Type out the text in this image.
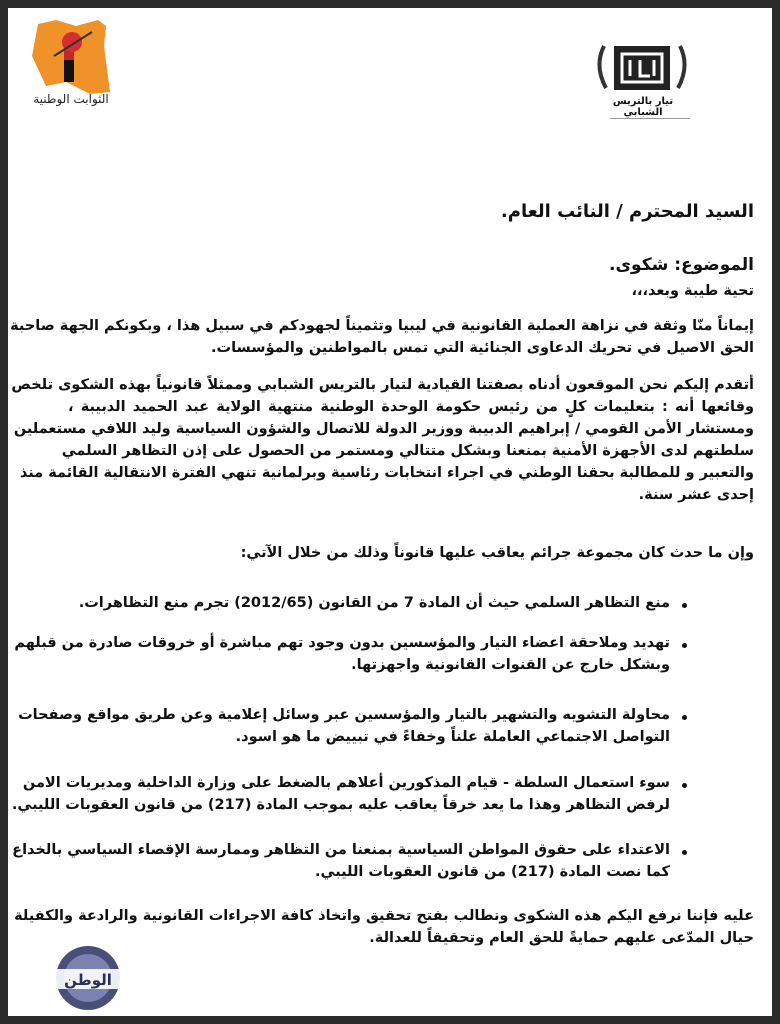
الثوابت الوطنية	تيار بالتريس الشبابي
السيد المحترم / النائب العام.
الموضوع: شكوى.
تحية طيبة وبعد،،،
إيماناً منّا وثقة في نزاهة العملية القانونية في ليبيا وتثميناً لجهودكم في سبيل هذا ، وبكونكم الجهة صاحبة
الحق الاصيل في تحريك الدعاوى الجنائية التي تمس بالمواطنين والمؤسسات.
أتقدم إليكم نحن الموقعون أدناه بصفتنا القيادية لتيار بالتريس الشبابي وممثلاً قانونياً بهذه الشكوى تلخص
وقائعها أنه : بتعليمات كلٍ من رئيس حكومة الوحدة الوطنية منتهية الولاية عبد الحميد الدبيبة ،
ومستشار الأمن القومي / إبراهيم الدبيبة ووزير الدولة للاتصال والشؤون السياسية وليد اللافي مستعملين
سلطتهم لدى الأجهزة الأمنية بمنعنا وبشكل متتالي ومستمر من الحصول على إذن التظاهر السلمي
والتعبير و للمطالبة بحقنا الوطني في اجراء انتخابات رئاسية وبرلمانية تنهي الفترة الانتقالية القائمة منذ
إحدى عشر سنة.
وإن ما حدث كان مجموعة جرائم يعاقب عليها قانوناً وذلك من خلال الآتي:
منع التظاهر السلمي حيث أن المادة 7 من القانون (2012/65) تجرم منع التظاهرات.
تهديد وملاحقة اعضاء التيار والمؤسسين بدون وجود تهم مباشرة أو خروقات صادرة من قبلهم
وبشكل خارج عن القنوات القانونية واجهزتها.
محاولة التشويه والتشهير بالتيار والمؤسسين عبر وسائل إعلامية وعن طريق مواقع وصفحات
التواصل الاجتماعي العاملة علناً وخفاءً في تبييض ما هو اسود.
سوء استعمال السلطة - قيام المذكورين أعلاهم بالضغط على وزارة الداخلية ومديريات الامن
لرفض التظاهر وهذا ما يعد خرقاً يعاقب عليه بموجب المادة (217) من قانون العقوبات الليبي.
الاعتداء على حقوق المواطن السياسية بمنعنا من التظاهر وممارسة الإقصاء السياسي بالخداع
كما نصت المادة (217) من قانون العقوبات الليبي.
عليه فإننا نرفع اليكم هذه الشكوى ونطالب بفتح تحقيق واتخاذ كافة الاجراءات القانونية والرادعة والكفيلة
حيال المدّعى عليهم حمايةً للحق العام وتحقيقاً للعدالة.
الوطن
